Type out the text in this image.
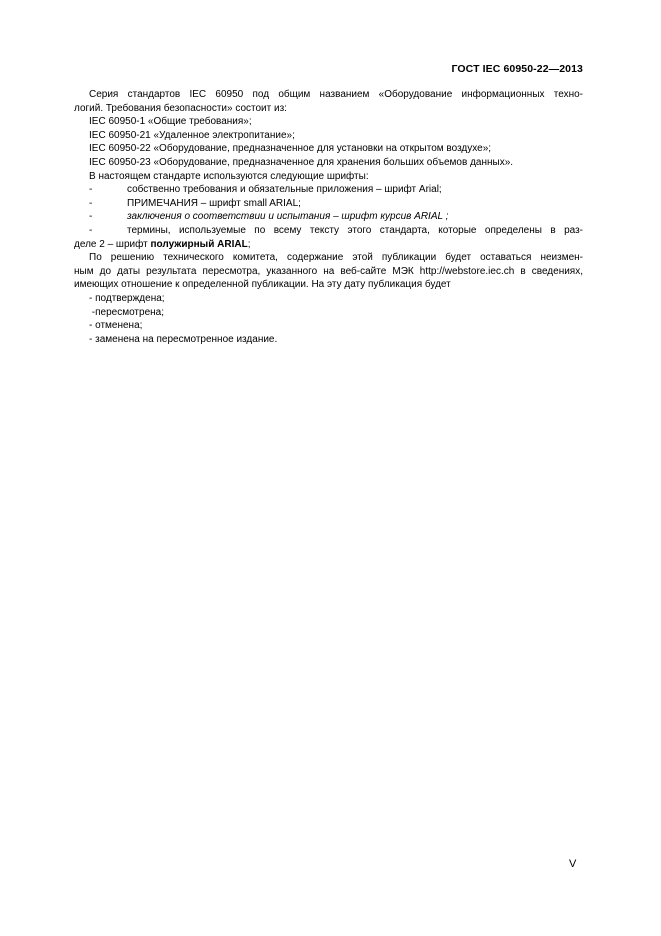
ГОСТ IEC 60950-22—2013

Серия стандартов IEC 60950 под общим названием «Оборудование информационных техно-

логий. Требования безопасности» состоит из:

IEC 60950-1 «Общие требования»;

IEC 60950-21 «Удаленное электропитание»;

IEC 60950-22 «Оборудование, предназначенное для установки на открытом воздухе»;

IEC 60950-23 «Оборудование, предназначенное для хранения больших объемов данных».

В настоящем стандарте используются следующие шрифты:

-	собственно требования и обязательные приложения – шрифт Arial;

-	ПРИМЕЧАНИЯ – шрифт small ARIAL;

-	заключения о соответствии и испытания – шрифт курсив ARIAL ;

-	термины, используемые по всему тексту этого стандарта, которые определены в раз-

деле 2 – шрифт полужирный ARIAL;

По решению технического комитета, содержание этой публикации будет оставаться неизмен-

ным до даты результата пересмотра, указанного на веб-сайте МЭК http://webstore.iec.ch в сведениях,

имеющих отношение к определенной публикации. На эту дату публикация будет

- подтверждена;

-пересмотрена;

- отменена;

- заменена на пересмотренное издание.

V
